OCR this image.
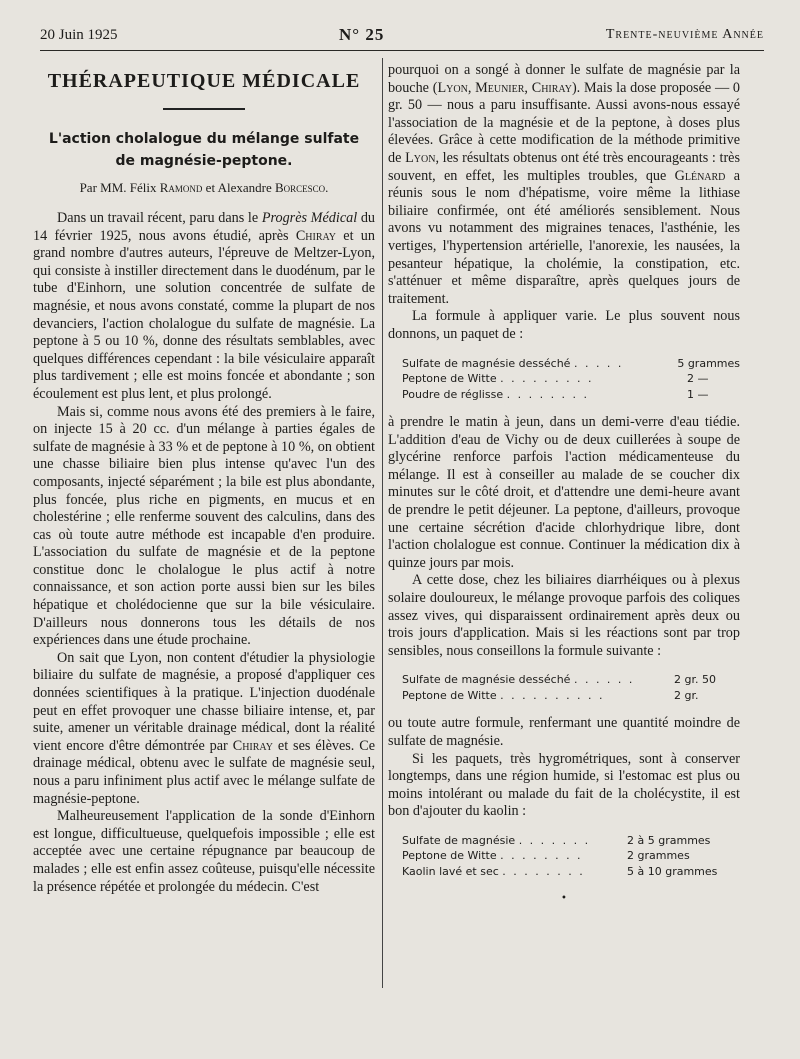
20 Juin 1925	N° 25	Trente-neuvième Année
THÉRAPEUTIQUE MÉDICALE

L'action cholalogue du mélange sulfate

de magnésie-peptone.

Par MM. Félix Ramond et Alexandre Borcesco.

Dans un travail récent, paru dans le Progrès Médical du 14 février 1925, nous avons étudié, après Chiray et un grand nombre d'autres auteurs, l'épreuve de Meltzer-Lyon, qui consiste à instiller directement dans le duodénum, par le tube d'Einhorn, une solution concentrée de sulfate de magnésie, et nous avons constaté, comme la plupart de nos devanciers, l'action cholalogue du sulfate de magnésie. La peptone à 5 ou 10 %, donne des résultats semblables, avec quelques différences cependant : la bile vésiculaire apparaît plus tardivement ; elle est moins foncée et abondante ; son écoulement est plus lent, et plus prolongé.

Mais si, comme nous avons été des premiers à le faire, on injecte 15 à 20 cc. d'un mélange à parties égales de sulfate de magnésie à 33 % et de peptone à 10 %, on obtient une chasse biliaire bien plus intense qu'avec l'un des composants, injecté séparément ; la bile est plus abondante, plus foncée, plus riche en pigments, en mucus et en cholestérine ; elle renferme souvent des calculins, dans des cas où toute autre méthode est incapable d'en produire. L'association du sulfate de magnésie et de la peptone constitue donc le cholalogue le plus actif à notre connaissance, et son action porte aussi bien sur les biles hépatique et cholédocienne que sur la bile vésiculaire. D'ailleurs nous donnerons tous les détails de nos expériences dans une étude prochaine.

On sait que Lyon, non content d'étudier la physiologie biliaire du sulfate de magnésie, a proposé d'appliquer ces données scientifiques à la pratique. L'injection duodénale peut en effet provoquer une chasse biliaire intense, et, par suite, amener un véritable drainage médical, dont la réalité vient encore d'être démontrée par Chiray et ses élèves. Ce drainage médical, obtenu avec le sulfate de magnésie seul, nous a paru infiniment plus actif avec le mélange sulfate de magnésie-peptone.

Malheureusement l'application de la sonde d'Einhorn est longue, difficultueuse, quelquefois impossible ; elle est acceptée avec une certaine répugnance par beaucoup de malades ; elle est enfin assez coûteuse, puisqu'elle nécessite la présence répétée et prolongée du médecin. C'est

pourquoi on a songé à donner le sulfate de magnésie par la bouche (Lyon, Meunier, Chiray). Mais la dose proposée — 0 gr. 50 — nous a paru insuffisante. Aussi avons-nous essayé l'association de la magnésie et de la peptone, à doses plus élevées. Grâce à cette modification de la méthode primitive de Lyon, les résultats obtenus ont été très encourageants : très souvent, en effet, les multiples troubles, que Glénard a réunis sous le nom d'hépatisme, voire même la lithiase biliaire confirmée, ont été améliorés sensiblement. Nous avons vu notamment des migraines tenaces, l'asthénie, les vertiges, l'hypertension artérielle, l'anorexie, les nausées, la pesanteur hépatique, la cholémie, la constipation, etc. s'atténuer et même disparaître, après quelques jours de traitement.

La formule à appliquer varie. Le plus souvent nous donnons, un paquet de :

Sulfate de magnésie desséché . . . . .	5 grammes
Peptone de Witte . . . . . . . . .	2 —
Poudre de réglisse . . . . . . . .	1 —

à prendre le matin à jeun, dans un demi-verre d'eau tiédie. L'addition d'eau de Vichy ou de deux cuillerées à soupe de glycérine renforce parfois l'action médicamenteuse du mélange. Il est à conseiller au malade de se coucher dix minutes sur le côté droit, et d'attendre une demi-heure avant de prendre le petit déjeuner. La peptone, d'ailleurs, provoque une certaine sécrétion d'acide chlorhydrique libre, dont l'action cholalogue est connue. Continuer la médication dix à quinze jours par mois.

A cette dose, chez les biliaires diarrhéiques ou à plexus solaire douloureux, le mélange provoque parfois des coliques assez vives, qui disparaissent ordinairement après deux ou trois jours d'application. Mais si les réactions sont par trop sensibles, nous conseillons la formule suivante :

Sulfate de magnésie desséché . . . . . .	2 gr. 50
Peptone de Witte . . . . . . . . . .	2 gr.

ou toute autre formule, renfermant une quantité moindre de sulfate de magnésie.

Si les paquets, très hygrométriques, sont à conserver longtemps, dans une région humide, si l'estomac est plus ou moins intolérant ou malade du fait de la cholécystite, il est bon d'ajouter du kaolin :

Sulfate de magnésie . . . . . . .	2 à 5 grammes
Peptone de Witte . . . . . . . .	2 grammes
Kaolin lavé et sec . . . . . . . .	5 à 10 grammes
•
